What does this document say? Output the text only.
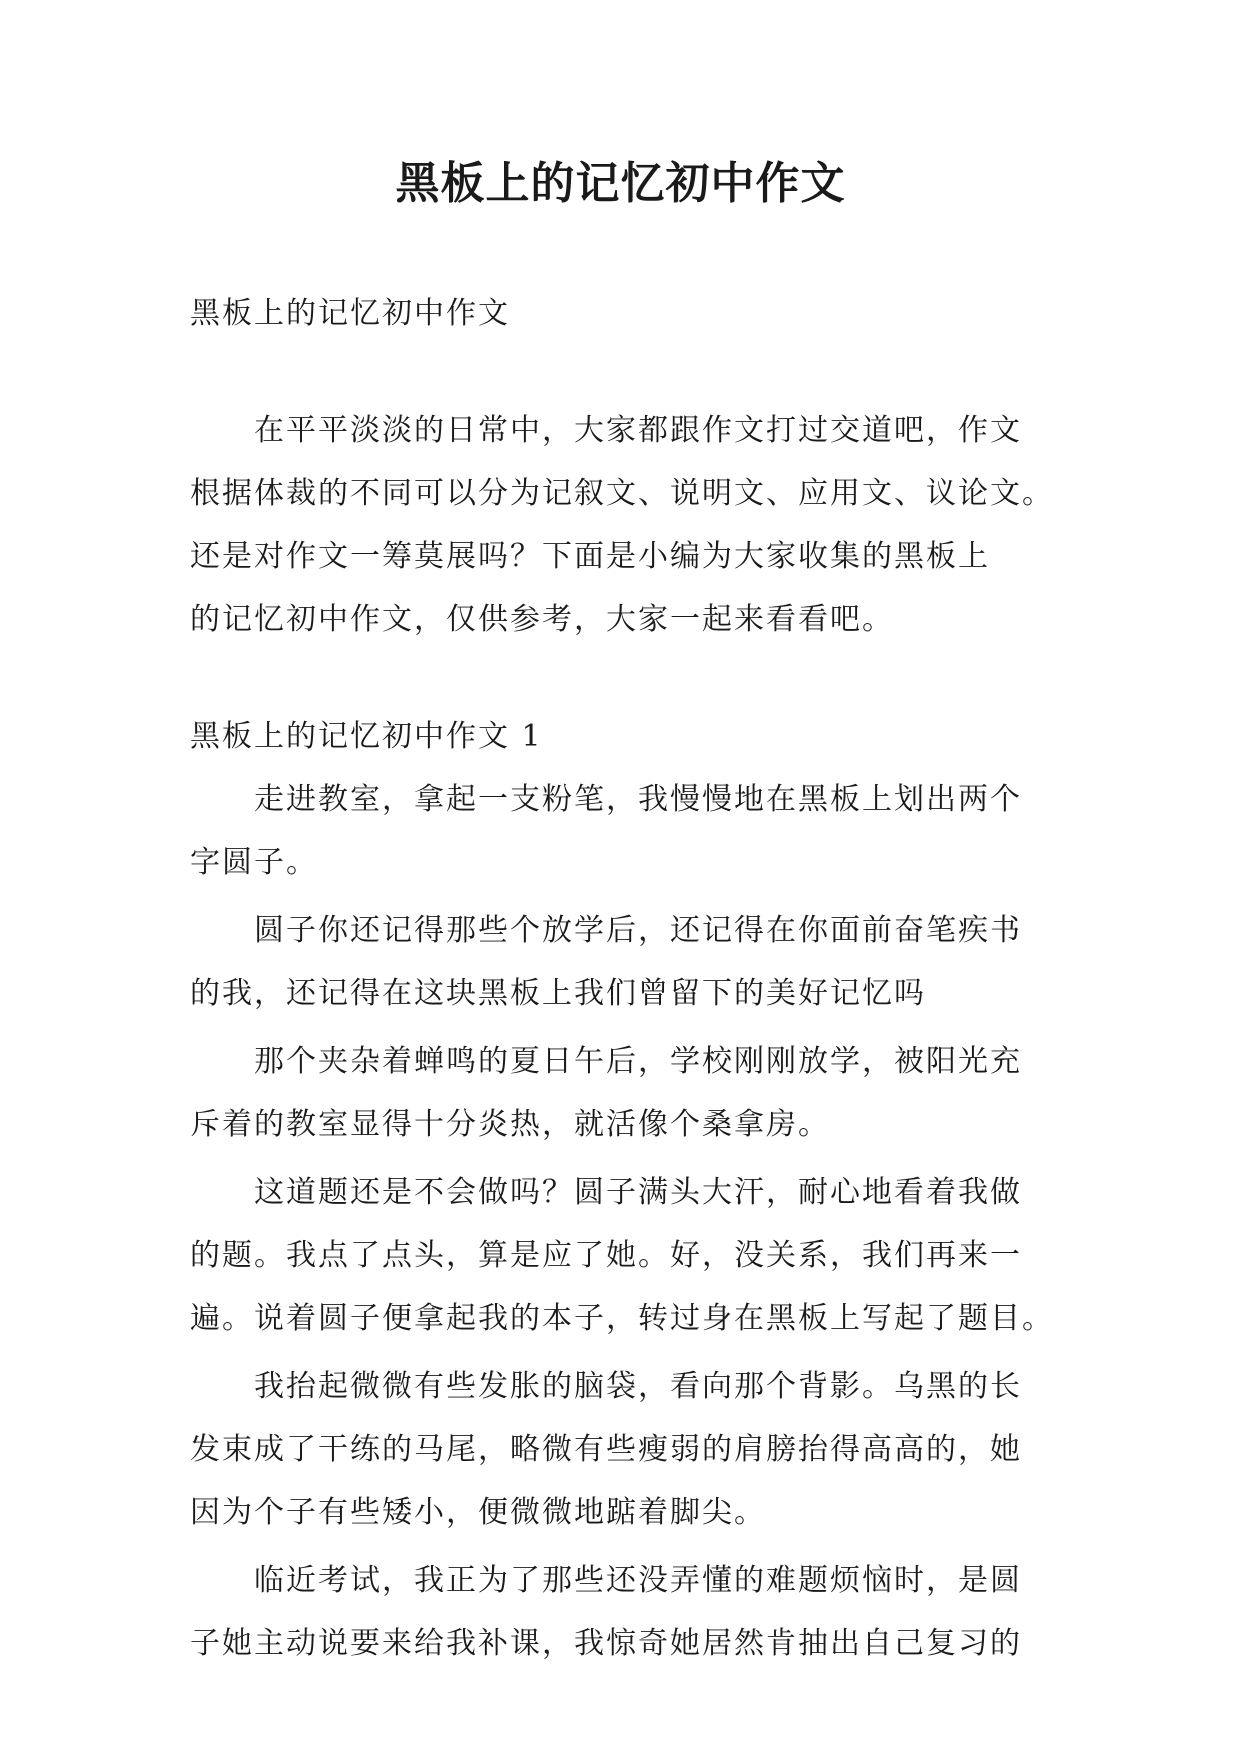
黑板上的记忆初中作文

黑板上的记忆初中作文

在平平淡淡的日常中，大家都跟作文打过交道吧，作文

根据体裁的不同可以分为记叙文、说明文、应用文、议论文。

还是对作文一筹莫展吗？下面是小编为大家收集的黑板上

的记忆初中作文，仅供参考，大家一起来看看吧。

黑板上的记忆初中作文 1

走进教室，拿起一支粉笔，我慢慢地在黑板上划出两个

字圆子。

圆子你还记得那些个放学后，还记得在你面前奋笔疾书

的我，还记得在这块黑板上我们曾留下的美好记忆吗

那个夹杂着蝉鸣的夏日午后，学校刚刚放学，被阳光充

斥着的教室显得十分炎热，就活像个桑拿房。

这道题还是不会做吗？圆子满头大汗，耐心地看着我做

的题。我点了点头，算是应了她。好，没关系，我们再来一

遍。说着圆子便拿起我的本子，转过身在黑板上写起了题目。

我抬起微微有些发胀的脑袋，看向那个背影。乌黑的长

发束成了干练的马尾，略微有些瘦弱的肩膀抬得高高的，她

因为个子有些矮小，便微微地踮着脚尖。

临近考试，我正为了那些还没弄懂的难题烦恼时，是圆

子她主动说要来给我补课，我惊奇她居然肯抽出自己复习的
